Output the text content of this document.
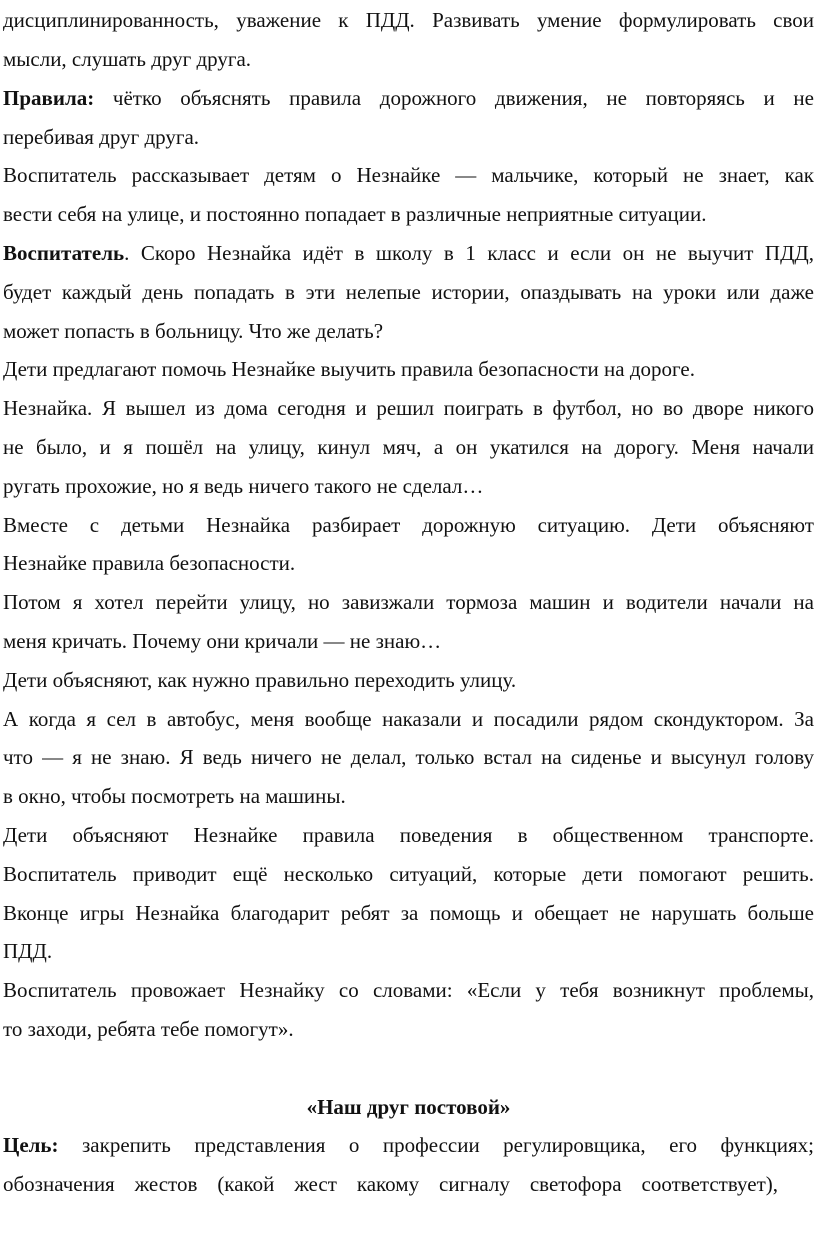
дисциплинированность, уважение к ПДД. Развивать умение формулировать свои
мысли, слушать друг друга.
Правила: чётко объяснять правила дорожного движения, не повторяясь и не
перебивая друг друга.
Воспитатель рассказывает детям о Незнайке — мальчике, который не знает, как
вести себя на улице, и постоянно попадает в различные неприятные ситуации.
Воспитатель. Скоро Незнайка идёт в школу в 1 класс и если он не выучит ПДД,
будет каждый день попадать в эти нелепые истории, опаздывать на уроки или даже
может попасть в больницу. Что же делать?
Дети предлагают помочь Незнайке выучить правила безопасности на дороге.
Незнайка. Я вышел из дома сегодня и решил поиграть в футбол, но во дворе никого
не было, и я пошёл на улицу, кинул мяч, а он укатился на дорогу. Меня начали
ругать прохожие, но я ведь ничего такого не сделал…
Вместе с детьми Незнайка разбирает дорожную ситуацию. Дети объясняют
Незнайке правила безопасности.
Потом я хотел перейти улицу, но завизжали тормоза машин и водители начали на
меня кричать. Почему они кричали — не знаю…
Дети объясняют, как нужно правильно переходить улицу.
А когда я сел в автобус, меня вообще наказали и посадили рядом скондуктором. За
что — я не знаю. Я ведь ничего не делал, только встал на сиденье и высунул голову
в окно, чтобы посмотреть на машины.
Дети объясняют Незнайке правила поведения в общественном транспорте.
Воспитатель приводит ещё несколько ситуаций, которые дети помогают решить.
Вконце игры Незнайка благодарит ребят за помощь и обещает не нарушать больше
ПДД.
Воспитатель провожает Незнайку со словами: «Если у тебя возникнут проблемы,
то заходи, ребята тебе помогут».
«Наш друг постовой»
Цель: закрепить представления о профессии регулировщика, его функциях;
обозначения жестов (какой жест какому сигналу светофора соответствует),
